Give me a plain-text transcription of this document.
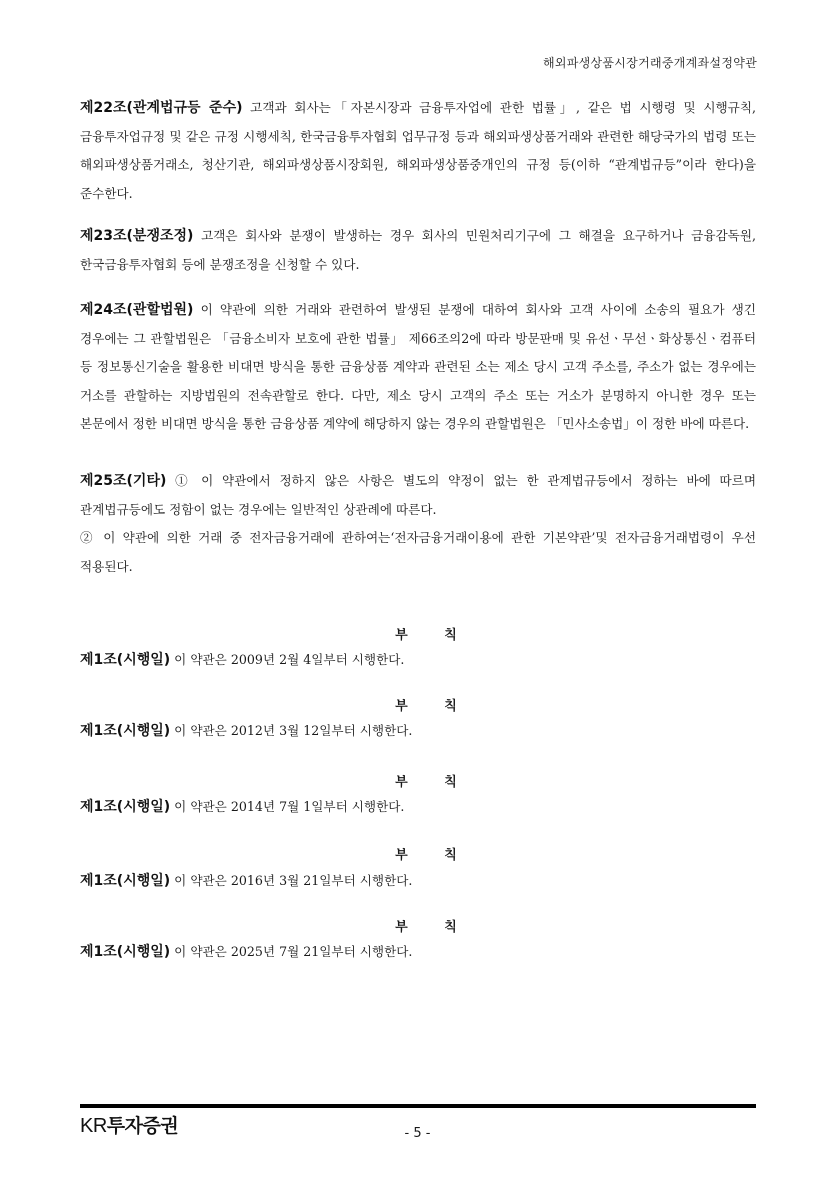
해외파생상품시장거래중개계좌설정약관
제22조(관계법규등 준수) 고객과 회사는「자본시장과 금융투자업에 관한 법률」, 같은 법 시행령 및 시행규칙, 금융투자업규정 및 같은 규정 시행세칙, 한국금융투자협회 업무규정 등과 해외파생상품거래와 관련한 해당국가의 법령 또는 해외파생상품거래소, 청산기관, 해외파생상품시장회원, 해외파생상품중개인의 규정 등(이하 “관계법규등”이라 한다)을 준수한다.
제23조(분쟁조정) 고객은 회사와 분쟁이 발생하는 경우 회사의 민원처리기구에 그 해결을 요구하거나 금융감독원, 한국금융투자협회 등에 분쟁조정을 신청할 수 있다.
제24조(관할법원) 이 약관에 의한 거래와 관련하여 발생된 분쟁에 대하여 회사와 고객 사이에 소송의 필요가 생긴 경우에는 그 관할법원은 「금융소비자 보호에 관한 법률」 제66조의2에 따라 방문판매 및 유선ㆍ무선ㆍ화상통신ㆍ컴퓨터 등 정보통신기술을 활용한 비대면 방식을 통한 금융상품 계약과 관련된 소는 제소 당시 고객 주소를, 주소가 없는 경우에는 거소를 관할하는 지방법원의 전속관할로 한다. 다만, 제소 당시 고객의 주소 또는 거소가 분명하지 아니한 경우 또는 본문에서 정한 비대면 방식을 통한 금융상품 계약에 해당하지 않는 경우의 관할법원은 「민사소송법」이 정한 바에 따른다.
제25조(기타) ① 이 약관에서 정하지 않은 사항은 별도의 약정이 없는 한 관계법규등에서 정하는 바에 따르며 관계법규등에도 정함이 없는 경우에는 일반적인 상관례에 따른다.
② 이 약관에 의한 거래 중 전자금융거래에 관하여는‘전자금융거래이용에 관한 기본약관’및 전자금융거래법령이 우선 적용된다.
부 칙
제1조(시행일) 이 약관은 2009년 2월 4일부터 시행한다.
부 칙
제1조(시행일) 이 약관은 2012년 3월 12일부터 시행한다.
부 칙
제1조(시행일) 이 약관은 2014년 7월 1일부터 시행한다.
부 칙
제1조(시행일) 이 약관은 2016년 3월 21일부터 시행한다.
부 칙
제1조(시행일) 이 약관은 2025년 7월 21일부터 시행한다.
KR투자증권	- 5 -
